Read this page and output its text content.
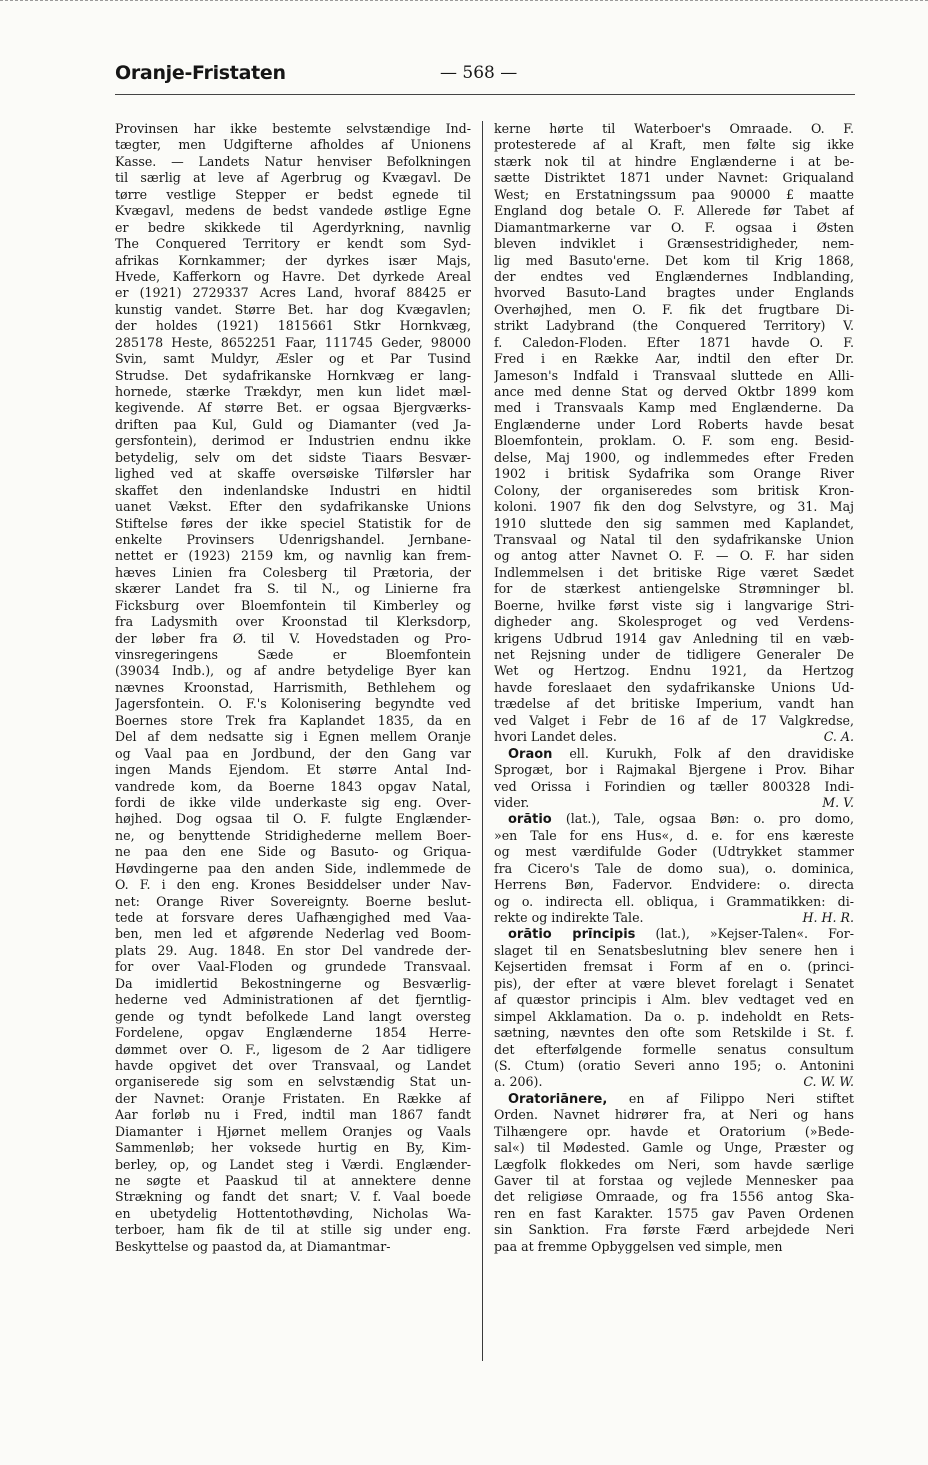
Oranje-Fristaten	— 568 —

Provinsen har ikke bestemte selvstændige Ind-

tægter, men Udgifterne afholdes af Unionens

Kasse. — Landets Natur henviser Befolkningen

til særlig at leve af Agerbrug og Kvægavl. De

tørre vestlige Stepper er bedst egnede til

Kvægavl, medens de bedst vandede østlige Egne

er bedre skikkede til Agerdyrkning, navnlig

The Conquered Territory er kendt som Syd-

afrikas Kornkammer; der dyrkes især Majs,

Hvede, Kafferkorn og Havre. Det dyrkede Areal

er (1921) 2729337 Acres Land, hvoraf 88425 er

kunstig vandet. Større Bet. har dog Kvægavlen;

der holdes (1921) 1815661 Stkr Hornkvæg,

285178 Heste, 8652251 Faar, 111745 Geder, 98000

Svin, samt Muldyr, Æsler og et Par Tusind

Strudse. Det sydafrikanske Hornkvæg er lang-

hornede, stærke Trækdyr, men kun lidet mæl-

kegivende. Af større Bet. er ogsaa Bjergværks-

driften paa Kul, Guld og Diamanter (ved Ja-

gersfontein), derimod er Industrien endnu ikke

betydelig, selv om det sidste Tiaars Besvær-

lighed ved at skaffe oversøiske Tilførsler har

skaffet den indenlandske Industri en hidtil

uanet Vækst. Efter den sydafrikanske Unions

Stiftelse føres der ikke speciel Statistik for de

enkelte Provinsers Udenrigshandel. Jernbane-

nettet er (1923) 2159 km, og navnlig kan frem-

hæves Linien fra Colesberg til Prætoria, der

skærer Landet fra S. til N., og Linierne fra

Ficksburg over Bloemfontein til Kimberley og

fra Ladysmith over Kroonstad til Klerksdorp,

der løber fra Ø. til V. Hovedstaden og Pro-

vinsregeringens Sæde er Bloemfontein

(39034 Indb.), og af andre betydelige Byer kan

nævnes Kroonstad, Harrismith, Bethlehem og

Jagersfontein. O. F.'s Kolonisering begyndte ved

Boernes store Trek fra Kaplandet 1835, da en

Del af dem nedsatte sig i Egnen mellem Oranje

og Vaal paa en Jordbund, der den Gang var

ingen Mands Ejendom. Et større Antal Ind-

vandrede kom, da Boerne 1843 opgav Natal,

fordi de ikke vilde underkaste sig eng. Over-

højhed. Dog ogsaa til O. F. fulgte Englænder-

ne, og benyttende Stridighederne mellem Boer-

ne paa den ene Side og Basuto- og Griqua-

Høvdingerne paa den anden Side, indlemmede de

O. F. i den eng. Krones Besiddelser under Nav-

net: Orange River Sovereignty. Boerne beslut-

tede at forsvare deres Uafhængighed med Vaa-

ben, men led et afgørende Nederlag ved Boom-

plats 29. Aug. 1848. En stor Del vandrede der-

for over Vaal-Floden og grundede Transvaal.

Da imidlertid Bekostningerne og Besværlig-

hederne ved Administrationen af det fjerntlig-

gende og tyndt befolkede Land langt oversteg

Fordelene, opgav Englænderne 1854 Herre-

dømmet over O. F., ligesom de 2 Aar tidligere

havde opgivet det over Transvaal, og Landet

organiserede sig som en selvstændig Stat un-

der Navnet: Oranje Fristaten. En Række af

Aar forløb nu i Fred, indtil man 1867 fandt

Diamanter i Hjørnet mellem Oranjes og Vaals

Sammenløb; her voksede hurtig en By, Kim-

berley, op, og Landet steg i Værdi. Englænder-

ne søgte et Paaskud til at annektere denne

Strækning og fandt det snart; V. f. Vaal boede

en ubetydelig Hottentothøvding, Nicholas Wa-

terboer, ham fik de til at stille sig under eng.

Beskyttelse og paastod da, at Diamantmar-

kerne hørte til Waterboer's Omraade. O. F.

protesterede af al Kraft, men følte sig ikke

stærk nok til at hindre Englænderne i at be-

sætte Distriktet 1871 under Navnet: Griqualand

West; en Erstatningssum paa 90000 £ maatte

England dog betale O. F. Allerede før Tabet af

Diamantmarkerne var O. F. ogsaa i Østen

bleven indviklet i Grænsestridigheder, nem-

lig med Basuto'erne. Det kom til Krig 1868,

der endtes ved Englændernes Indblanding,

hvorved Basuto-Land bragtes under Englands

Overhøjhed, men O. F. fik det frugtbare Di-

strikt Ladybrand (the Conquered Territory) V.

f. Caledon-Floden. Efter 1871 havde O. F.

Fred i en Række Aar, indtil den efter Dr.

Jameson's Indfald i Transvaal sluttede en Alli-

ance med denne Stat og derved Oktbr 1899 kom

med i Transvaals Kamp med Englænderne. Da

Englænderne under Lord Roberts havde besat

Bloemfontein, proklam. O. F. som eng. Besid-

delse, Maj 1900, og indlemmedes efter Freden

1902 i britisk Sydafrika som Orange River

Colony, der organiseredes som britisk Kron-

koloni. 1907 fik den dog Selvstyre, og 31. Maj

1910 sluttede den sig sammen med Kaplandet,

Transvaal og Natal til den sydafrikanske Union

og antog atter Navnet O. F. — O. F. har siden

Indlemmelsen i det britiske Rige været Sædet

for de stærkest antiengelske Strømninger bl.

Boerne, hvilke først viste sig i langvarige Stri-

digheder ang. Skolesproget og ved Verdens-

krigens Udbrud 1914 gav Anledning til en væb-

net Rejsning under de tidligere Generaler De

Wet og Hertzog. Endnu 1921, da Hertzog

havde foreslaaet den sydafrikanske Unions Ud-

trædelse af det britiske Imperium, vandt han

ved Valget i Febr de 16 af de 17 Valgkredse,

hvori Landet deles.	C. A.

Oraon ell. Kurukh, Folk af den dravidiske

Sprogæt, bor i Rajmakal Bjergene i Prov. Bihar

ved Orissa i Forindien og tæller 800328 Indi-

vider.	M. V.

orātio (lat.), Tale, ogsaa Bøn: o. pro domo,

»en Tale for ens Hus«, d. e. for ens kæreste

og mest værdifulde Goder (Udtrykket stammer

fra Cicero's Tale de domo sua), o. dominica,

Herrens Bøn, Fadervor. Endvidere: o. directa

og o. indirecta ell. obliqua, i Grammatikken: di-

rekte og indirekte Tale.	H. H. R.

orātio prīncipis (lat.), »Kejser-Talen«. For-

slaget til en Senatsbeslutning blev senere hen i

Kejsertiden fremsat i Form af en o. (princi-

pis), der efter at være blevet forelagt i Senatet

af quæstor principis i Alm. blev vedtaget ved en

simpel Akklamation. Da o. p. indeholdt en Rets-

sætning, nævntes den ofte som Retskilde i St. f.

det efterfølgende formelle senatus consultum

(S. Ctum) (oratio Severi anno 195; o. Antonini

a. 206).	C. W. W.

Oratoriānere, en af Filippo Neri stiftet

Orden. Navnet hidrører fra, at Neri og hans

Tilhængere opr. havde et Oratorium (»Bede-

sal«) til Mødested. Gamle og Unge, Præster og

Lægfolk flokkedes om Neri, som havde særlige

Gaver til at forstaa og vejlede Mennesker paa

det religiøse Omraade, og fra 1556 antog Ska-

ren en fast Karakter. 1575 gav Paven Ordenen

sin Sanktion. Fra første Færd arbejdede Neri

paa at fremme Opbyggelsen ved simple, men
